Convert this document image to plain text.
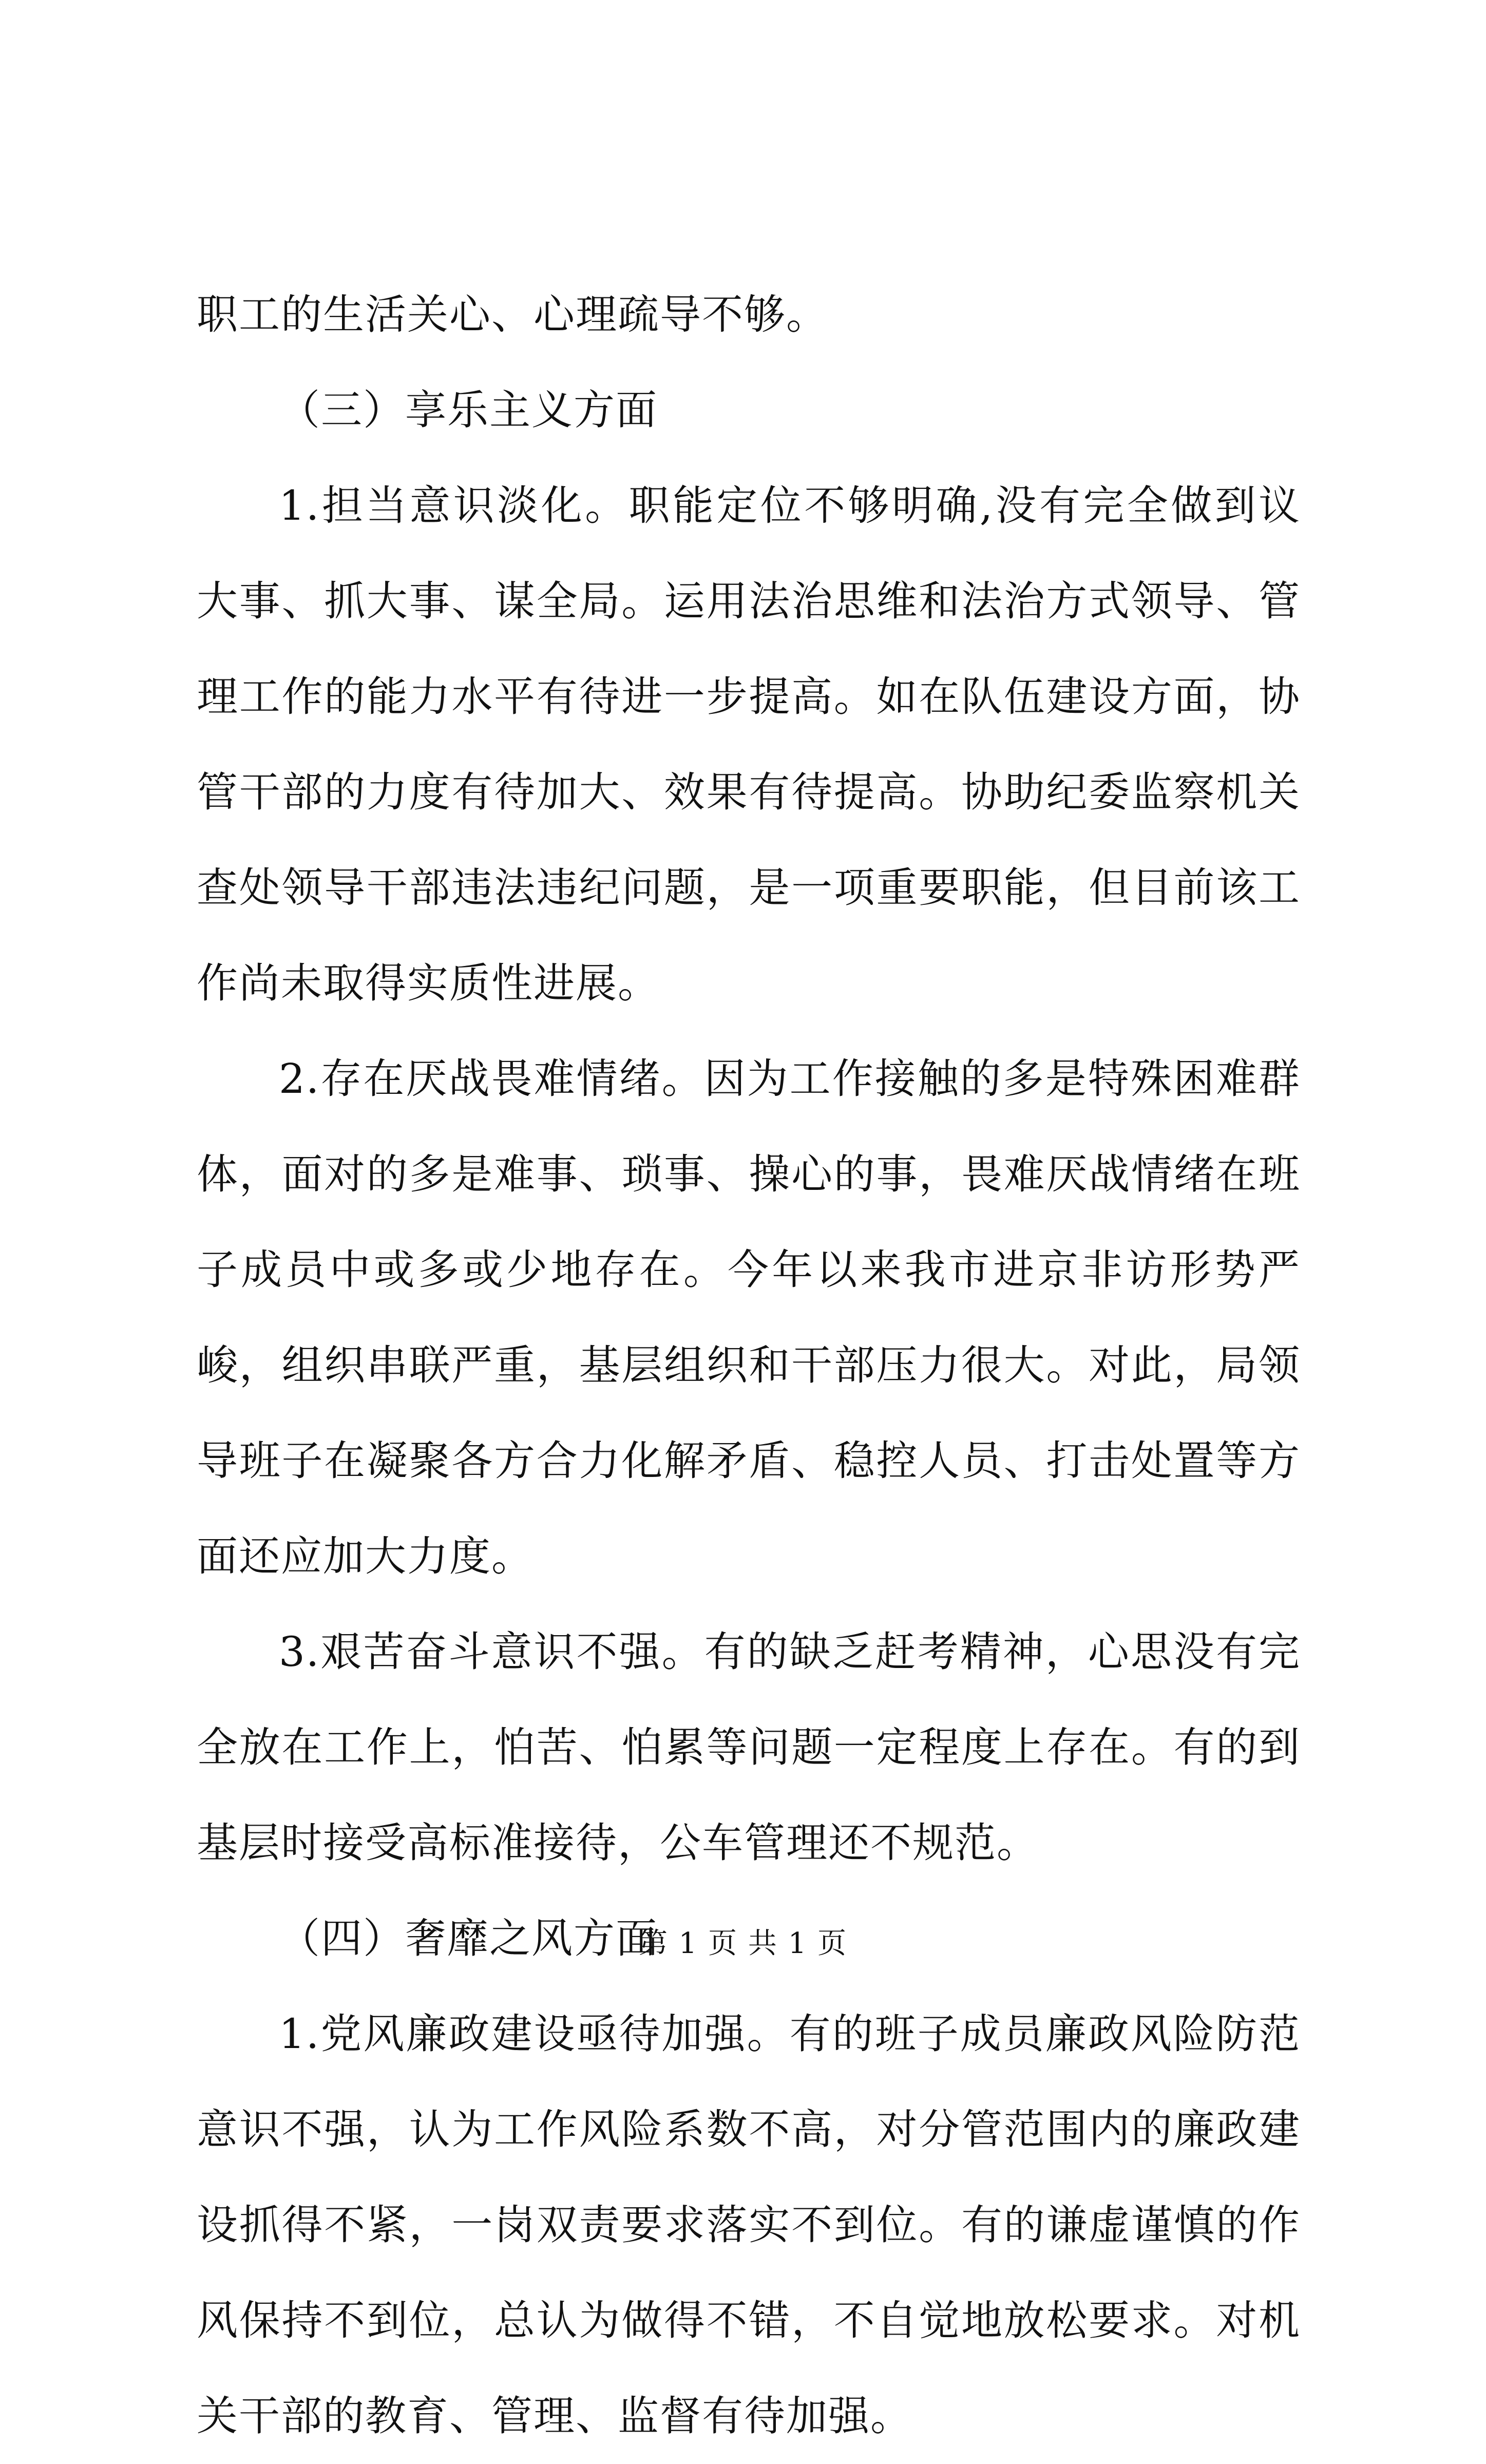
职工的生活关心、心理疏导不够。

（三）享乐主义方面

1.担当意识淡化。职能定位不够明确,没有完全做到议大事、抓大事、谋全局。运用法治思维和法治方式领导、管理工作的能力水平有待进一步提高。如在队伍建设方面，协管干部的力度有待加大、效果有待提高。协助纪委监察机关查处领导干部违法违纪问题，是一项重要职能，但目前该工作尚未取得实质性进展。

2.存在厌战畏难情绪。因为工作接触的多是特殊困难群体，面对的多是难事、琐事、操心的事，畏难厌战情绪在班子成员中或多或少地存在。今年以来我市进京非访形势严峻，组织串联严重，基层组织和干部压力很大。对此，局领导班子在凝聚各方合力化解矛盾、稳控人员、打击处置等方面还应加大力度。

3.艰苦奋斗意识不强。有的缺乏赶考精神，心思没有完全放在工作上，怕苦、怕累等问题一定程度上存在。有的到基层时接受高标准接待，公车管理还不规范。

（四）奢靡之风方面

1.党风廉政建设亟待加强。有的班子成员廉政风险防范意识不强，认为工作风险系数不高，对分管范围内的廉政建设抓得不紧，一岗双责要求落实不到位。有的谦虚谨慎的作风保持不到位，总认为做得不错，不自觉地放松要求。对机关干部的教育、管理、监督有待加强。

第 1 页 共 1 页
